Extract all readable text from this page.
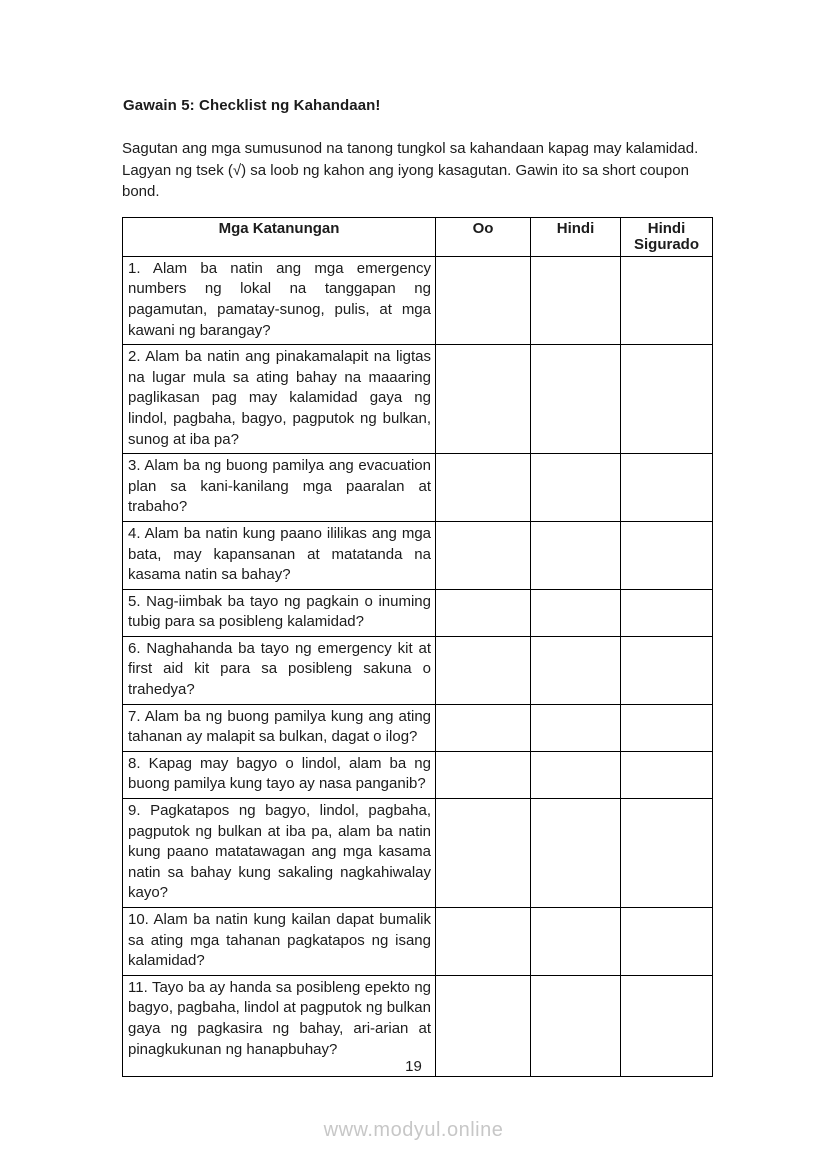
Gawain 5: Checklist ng Kahandaan!

Sagutan ang mga sumusunod na tanong tungkol sa kahandaan kapag may kalamidad. Lagyan ng tsek (√) sa loob ng kahon ang iyong kasagutan. Gawin ito sa short coupon bond.

Mga Katanungan	Oo	Hindi	Hindi Sigurado
1. Alam ba natin ang mga emergency numbers ng lokal na tanggapan ng pagamutan, pamatay-sunog, pulis, at mga kawani ng barangay?			
2. Alam ba natin ang pinakamalapit na ligtas na lugar mula sa ating bahay na maaaring paglikasan pag may kalamidad gaya ng lindol, pagbaha, bagyo, pagputok ng bulkan, sunog at iba pa?			
3. Alam ba ng buong pamilya ang evacuation plan sa kani-kanilang mga paaralan at trabaho?			
4. Alam ba natin kung paano ililikas ang mga bata, may kapansanan at matatanda na kasama natin sa bahay?			
5. Nag-iimbak ba tayo ng pagkain o inuming tubig para sa posibleng kalamidad?			
6. Naghahanda ba tayo ng emergency kit at first aid kit para sa posibleng sakuna o trahedya?			
7. Alam ba ng buong pamilya kung ang ating tahanan ay malapit sa bulkan, dagat o ilog?			
8. Kapag may bagyo o lindol, alam ba ng buong pamilya kung tayo ay nasa panganib?			
9. Pagkatapos ng bagyo, lindol, pagbaha, pagputok ng bulkan at iba pa, alam ba natin kung paano matatawagan ang mga kasama natin sa bahay kung sakaling nagkahiwalay kayo?			
10. Alam ba natin kung kailan dapat bumalik sa ating mga tahanan pagkatapos ng isang kalamidad?			
11. Tayo ba ay handa sa posibleng epekto ng bagyo, pagbaha, lindol at pagputok ng bulkan gaya ng pagkasira ng bahay, ari-arian at pinagkukunan ng hanapbuhay?			
19
www.modyul.online
